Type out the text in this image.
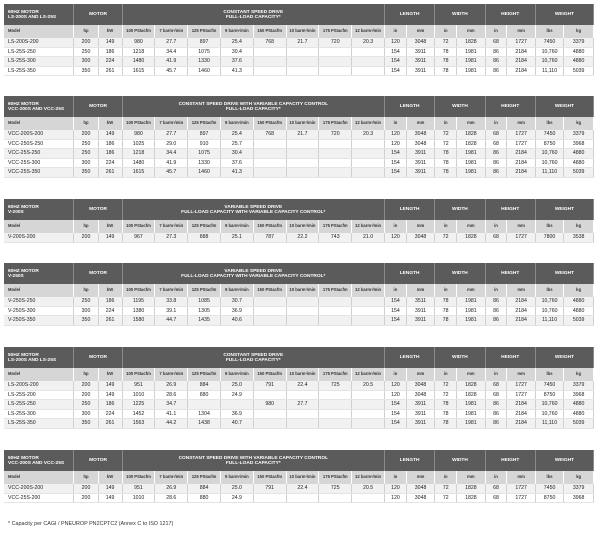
60HZ MOTOR
LS-200S AND LS-25S	MOTOR		CONSTANT SPEED DRIVE
FULL-LOAD CAPACITY*								LENGTH		WIDTH		HEIGHT		WEIGHT	
Model	hp	kW	100 PSIacfm	7 barm³/min	125 PSIacfm	9 barm³/min	150 PSIacfm	10 barm³/min	175 PSIacfm	12 barm³/min	in	mm	in	mm	in	mm	lbs	kg
LS-200S-200	200	149	980	27.7	897	25.4	768	21.7	720	20.3	120	3048	72	1828	68	1727	7450	3379
LS-25S-250	250	186	1218	34.4	1075	30.4					154	3911	78	1981	86	2184	10,760	4880
LS-25S-300	300	224	1480	41.9	1330	37.6					154	3911	78	1981	86	2184	10,760	4880
LS-25S-350	350	261	1615	45.7	1460	41.3					154	3911	78	1981	86	2184	11,110	5039
60HZ MOTOR
VCC-200S AND VCC-25S	MOTOR		CONSTANT SPEED DRIVE WITH VARIABLE CAPACITY CONTROL
FULL-LOAD CAPACITY*								LENGTH		WIDTH		HEIGHT		WEIGHT	
Model	hp	kW	100 PSIacfm	7 barm³/min	125 PSIacfm	9 barm³/min	150 PSIacfm	10 barm³/min	175 PSIacfm	12 barm³/min	in	mm	in	mm	in	mm	lbs	kg
VCC-200S-200	200	149	980	27.7	897	25.4	768	21.7	720	20.3	120	3048	72	1828	68	1727	7450	3379
VCC-250S-250	250	186	1025	29.0	910	25.7					120	3048	72	1828	68	1727	8750	3968
VCC-25S-250	250	186	1218	34.4	1075	30.4					154	3911	78	1981	86	2184	10,760	4880
VCC-25S-300	300	224	1480	41.9	1330	37.6					154	3911	78	1981	86	2184	10,760	4880
VCC-25S-350	350	261	1615	45.7	1460	41.3					154	3911	78	1981	86	2184	11,110	5039
60HZ MOTOR
V-200S	MOTOR		VARIABLE SPEED DRIVE
FULL-LOAD CAPACITY WITH VARIABLE CAPACITY CONTROL*								LENGTH		WIDTH		HEIGHT		WEIGHT	
Model	hp	kW	100 PSIacfm	7 barm³/min	125 PSIacfm	9 barm³/min	150 PSIacfm	10 barm³/min	175 PSIacfm	12 barm³/min	in	mm	in	mm	in	mm	lbs	kg
V-200S-200	200	149	967	27.3	888	25.1	787	22.2	743	21.0	120	3048	72	1828	68	1727	7800	3538
60HZ MOTOR
V-250S	MOTOR		VARIABLE SPEED DRIVE
FULL-LOAD CAPACITY WITH VARIABLE CAPACITY CONTROL*								LENGTH		WIDTH		HEIGHT		WEIGHT	
Model	hp	kW	100 PSIacfm	7 barm³/min	125 PSIacfm	9 barm³/min	150 PSIacfm	10 barm³/min	175 PSIacfm	12 barm³/min	in	mm	in	mm	in	mm	lbs	kg
V-250S-250	250	186	1195	33.8	1085	30.7					154	3511	78	1981	86	2184	10,760	4880
V-250S-300	300	224	1380	39.1	1305	36.9					154	3911	78	1981	86	2184	10,760	4880
V-250S-350	350	261	1580	44.7	1435	40.6					154	3911	78	1981	86	2184	11,110	5039
50HZ MOTOR
LS-200S AND LS-25S	MOTOR		CONSTANT SPEED DRIVE
FULL-LOAD CAPACITY*								LENGTH		WIDTH		HEIGHT		WEIGHT	
Model	hp	kW	100 PSIacfm	7 barm³/min	125 PSIacfm	9 barm³/min	150 PSIacfm	10 barm³/min	175 PSIacfm	12 barm³/min	in	mm	in	mm	in	mm	lbs	kg
LS-200S-200	200	149	951	26.9	884	25.0	791	22.4	725	20.5	120	3048	72	1828	68	1727	7450	3379
LS-25S-200	200	149	1010	28.6	880	24.9					120	3048	72	1828	68	1727	8750	3968
LS-25S-250	250	186	1225	34.7			980	27.7			154	3911	78	1981	86	2184	10,760	4880
LS-25S-300	300	224	1452	41.1	1304	36.9					154	3911	78	1981	86	2184	10,760	4880
LS-25S-350	350	261	1563	44.2	1438	40.7					154	3911	78	1981	86	2184	11,110	5039
50HZ MOTOR
VCC-200S AND VCC-25S	MOTOR		CONSTANT SPEED DRIVE WITH VARIABLE CAPACITY CONTROL
FULL-LOAD CAPACITY*								LENGTH		WIDTH		HEIGHT		WEIGHT	
Model	hp	kW	100 PSIacfm	7 barm³/min	125 PSIacfm	9 barm³/min	150 PSIacfm	10 barm³/min	175 PSIacfm	12 barm³/min	in	mm	in	mm	in	mm	lbs	kg
VCC-200S-200	200	149	951	26.9	884	25.0	791	22.4	725	20.5	120	3048	72	1828	68	1727	7450	3379
VCC-25S-200	200	149	1010	28.6	880	24.9					120	3048	72	1828	68	1727	8750	3968
* Capacity per CAGI / PNEUROP PN2CPTC2 (Annex C to ISO 1217)
